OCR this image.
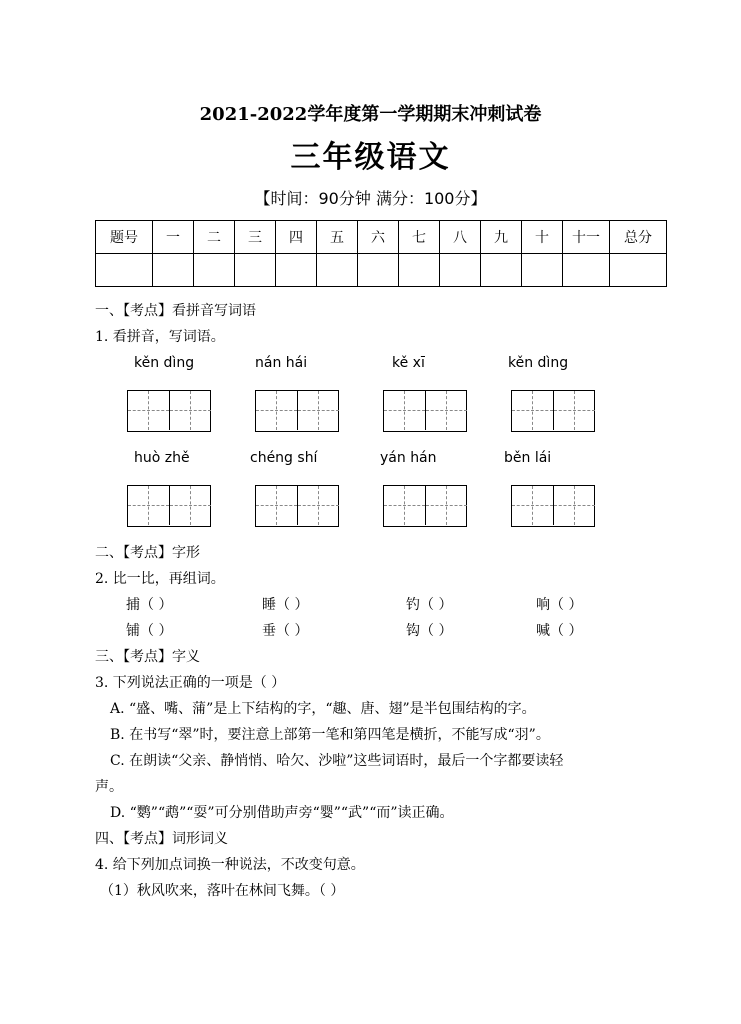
2021-2022学年度第一学期期末冲刺试卷
三年级语文
【时间：90分钟 满分：100分】
题号	一	二	三	四	五	六	七	八	九	十	十一	总分

一、【考点】看拼音写词语
1. 看拼音，写词语。
kěn dìng	nán hái	kě xī	kěn dìng
huò zhě	chéng shí	yán hán	běn lái
二、【考点】字形
2. 比一比，再组词。
捕（ ）	睡（ ）	钓（ ）	响（ ）
铺（ ）	垂（ ）	钩（ ）	喊（ ）
三、【考点】字义
3. 下列说法正确的一项是（ ）
A. “盛、嘴、蒲”是上下结构的字，“趣、唐、翅”是半包围结构的字。
B. 在书写“翠”时，要注意上部第一笔和第四笔是横折，不能写成“羽”。
C. 在朗读“父亲、静悄悄、哈欠、沙啦”这些词语时，最后一个字都要读轻
声。
D. “鹦”“鹉”“耍”可分别借助声旁“婴”“武”“而”读正确。
四、【考点】词形词义
4. 给下列加点词换一种说法，不改变句意。
（1）秋风吹来，落叶在林间飞舞。（ ）
